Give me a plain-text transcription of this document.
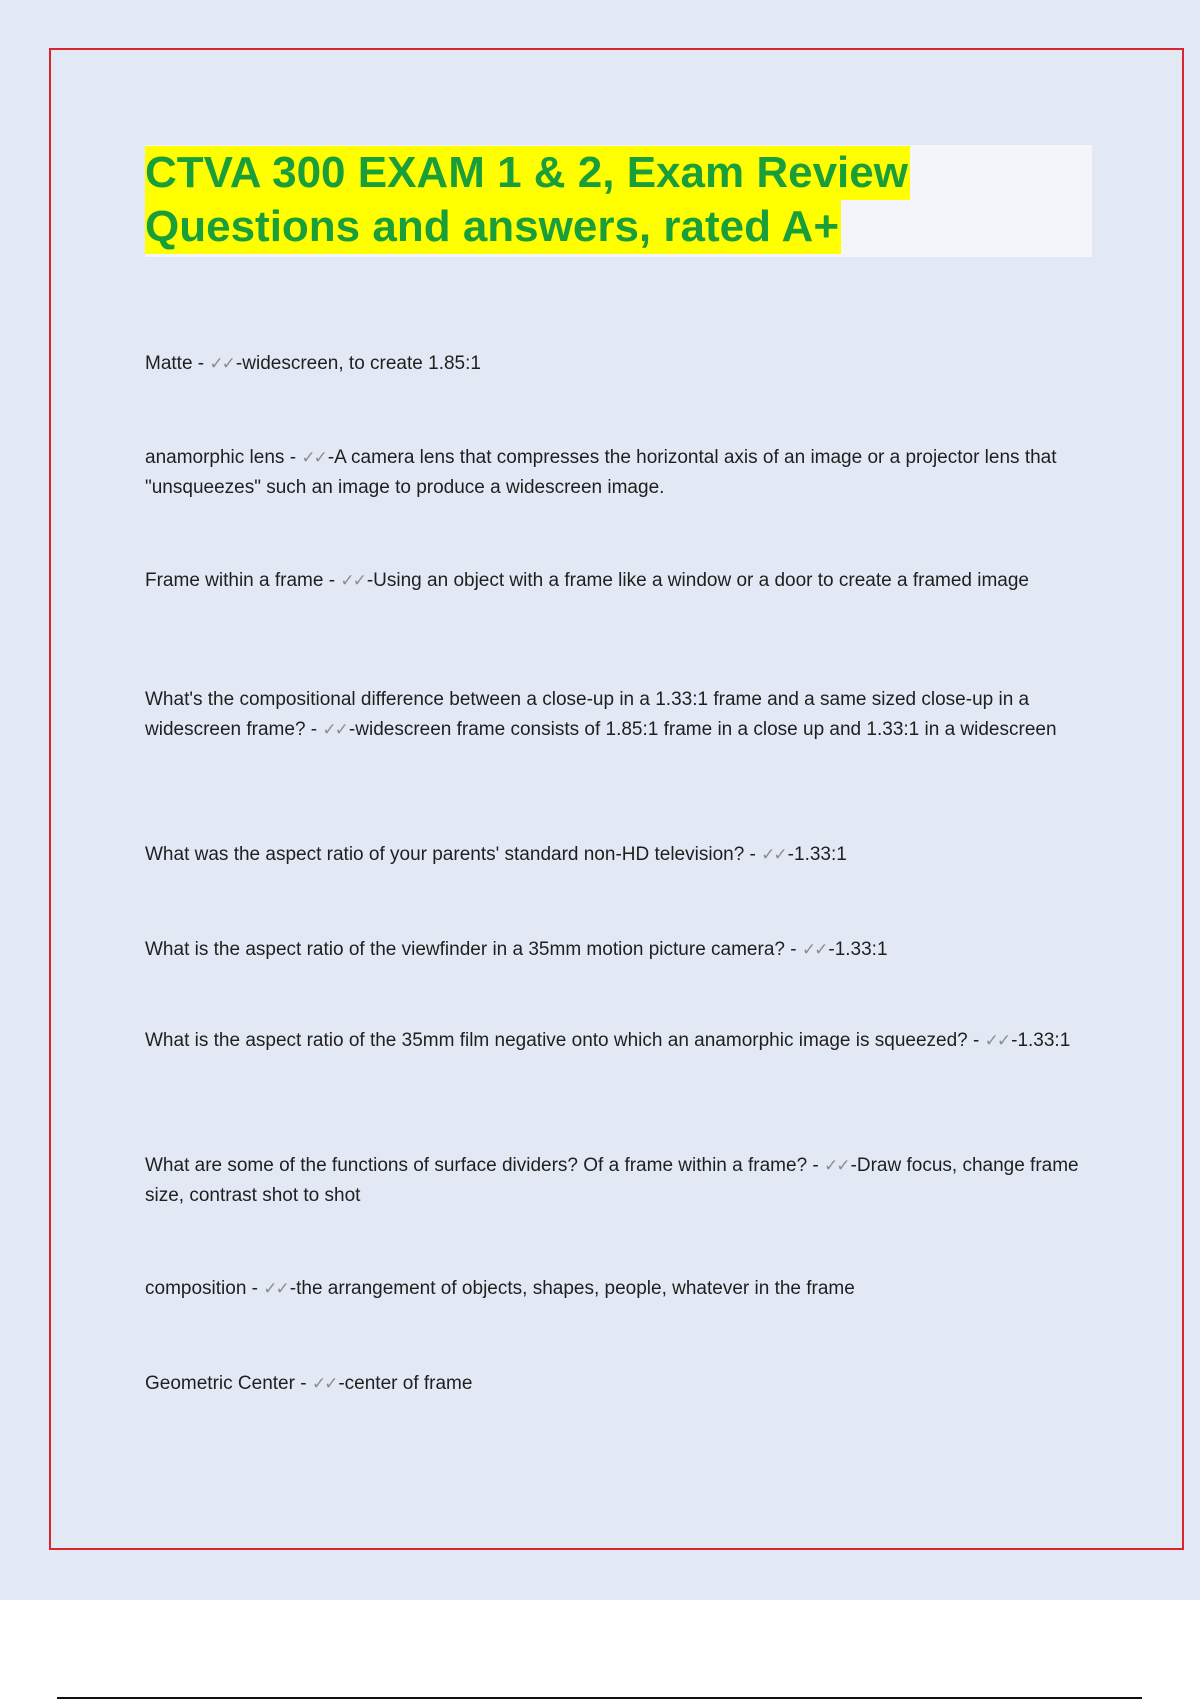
CTVA 300 EXAM 1 & 2, Exam Review
Questions and answers, rated A+
Matte - ✓✓ -widescreen, to create 1.85:1
anamorphic lens - ✓✓ -A camera lens that compresses the horizontal axis of an image or a projector lens that "unsqueezes" such an image to produce a widescreen image.
Frame within a frame - ✓✓ -Using an object with a frame like a window or a door to create a framed image
What's the compositional difference between a close-up in a 1.33:1 frame and a same sized close-up in a widescreen frame? - ✓✓ -widescreen frame consists of 1.85:1 frame in a close up and 1.33:1 in a widescreen
What was the aspect ratio of your parents' standard non-HD television? - ✓✓ -1.33:1
What is the aspect ratio of the viewfinder in a 35mm motion picture camera? - ✓✓ -1.33:1
What is the aspect ratio of the 35mm film negative onto which an anamorphic image is squeezed? - ✓✓ -1.33:1
What are some of the functions of surface dividers? Of a frame within a frame? - ✓✓ -Draw focus, change frame size, contrast shot to shot
composition - ✓✓ -the arrangement of objects, shapes, people, whatever in the frame
Geometric Center - ✓✓ -center of frame
